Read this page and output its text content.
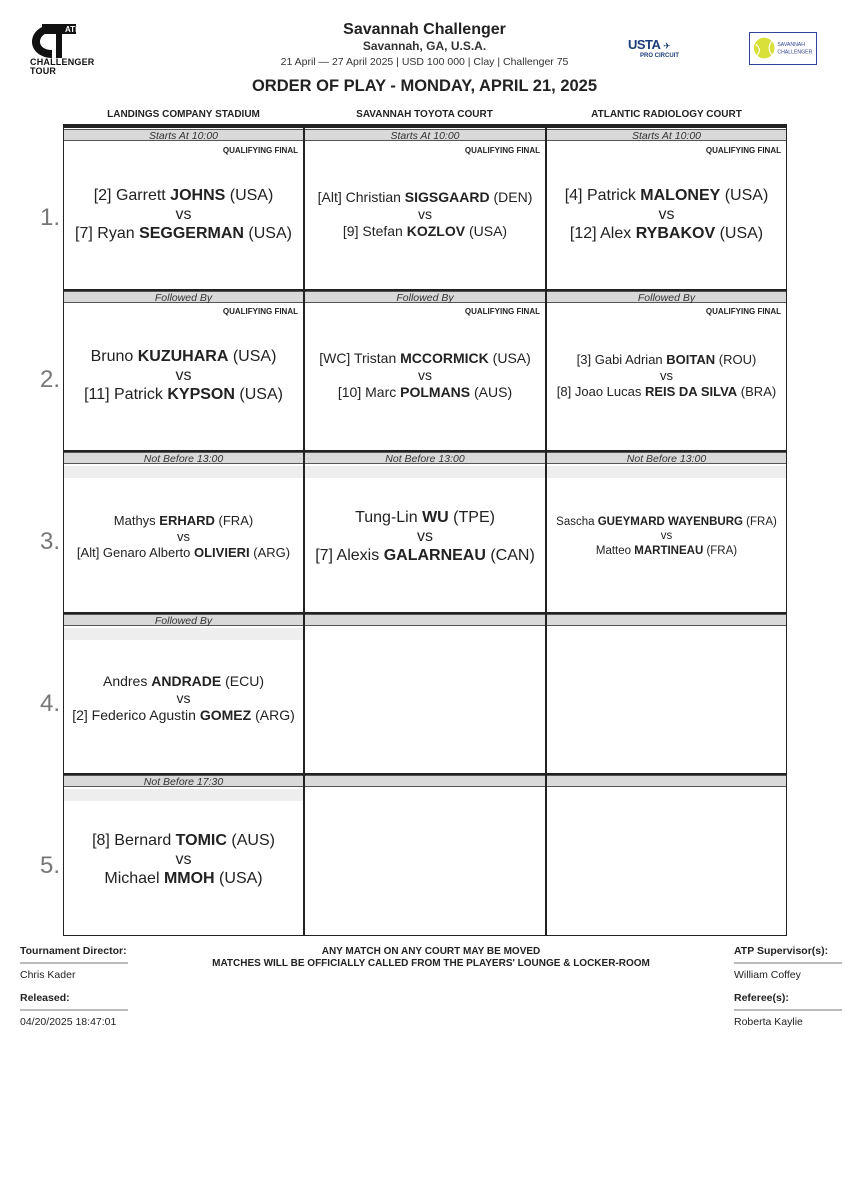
ATP
CHALLENGER TOUR
Savannah Challenger
Savannah, GA, U.S.A.
21 April — 27 April 2025 | USD 100 000 | Clay | Challenger 75
USTA ✈
PRO CIRCUIT
SAVANNAH
CHALLENGER
ORDER OF PLAY - MONDAY, APRIL 21, 2025
LANDINGS COMPANY STADIUM	SAVANNAH TOYOTA COURT	ATLANTIC RADIOLOGY COURT
Starts At 10:00	Starts At 10:00	Starts At 10:00
QUALIFYING FINAL	QUALIFYING FINAL	QUALIFYING FINAL
1.
[2] Garrett JOHNS (USA)
vs
[7] Ryan SEGGERMAN (USA)
[Alt] Christian SIGSGAARD (DEN)
vs
[9] Stefan KOZLOV (USA)
[4] Patrick MALONEY (USA)
vs
[12] Alex RYBAKOV (USA)
Followed By	Followed By	Followed By
QUALIFYING FINAL	QUALIFYING FINAL	QUALIFYING FINAL
2.
Bruno KUZUHARA (USA)
vs
[11] Patrick KYPSON (USA)
[WC] Tristan MCCORMICK (USA)
vs
[10] Marc POLMANS (AUS)
[3] Gabi Adrian BOITAN (ROU)
vs
[8] Joao Lucas REIS DA SILVA (BRA)
Not Before 13:00	Not Before 13:00	Not Before 13:00
3.
Mathys ERHARD (FRA)
vs
[Alt] Genaro Alberto OLIVIERI (ARG)
Tung-Lin WU (TPE)
vs
[7] Alexis GALARNEAU (CAN)
Sascha GUEYMARD WAYENBURG (FRA)
vs
Matteo MARTINEAU (FRA)
Followed By
4.
Andres ANDRADE (ECU)
vs
[2] Federico Agustin GOMEZ (ARG)
Not Before 17:30
5.
[8] Bernard TOMIC (AUS)
vs
Michael MMOH (USA)
Tournament Director:
Chris Kader
Released:
04/20/2025 18:47:01
ANY MATCH ON ANY COURT MAY BE MOVED
MATCHES WILL BE OFFICIALLY CALLED FROM THE PLAYERS' LOUNGE & LOCKER-ROOM
ATP Supervisor(s):
William Coffey
Referee(s):
Roberta Kaylie
